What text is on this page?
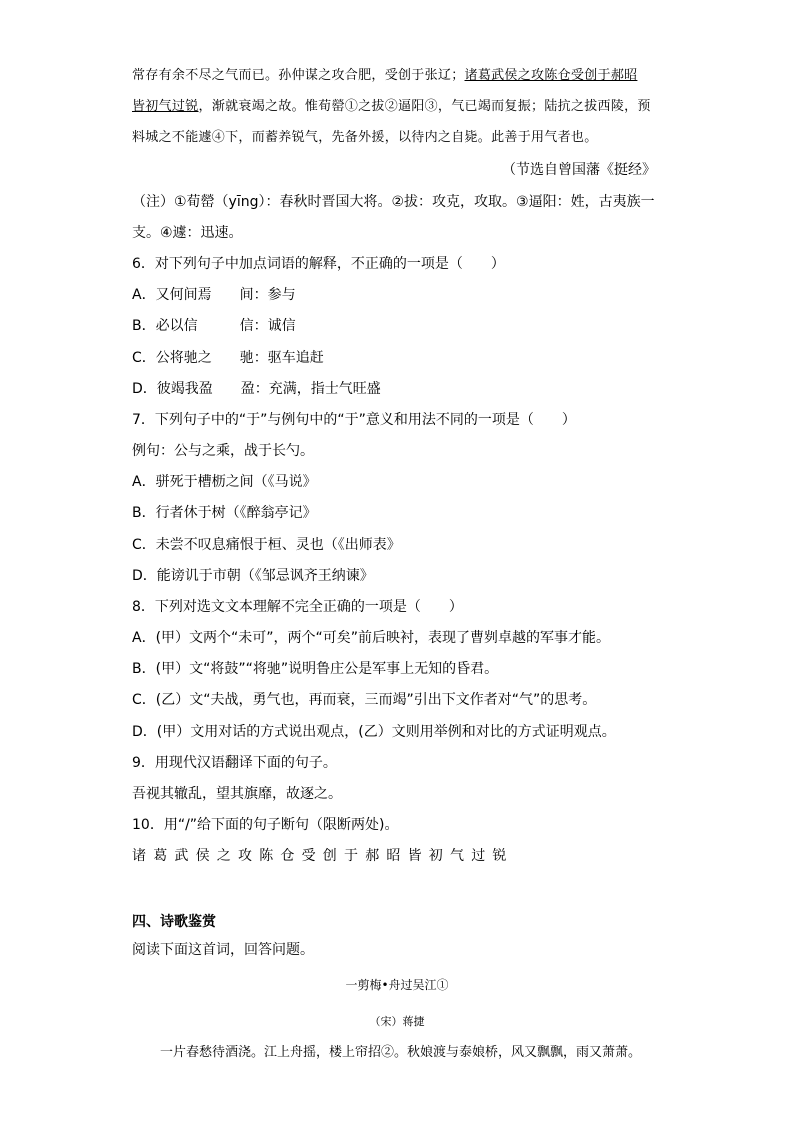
常存有余不尽之气而已。孙仲谋之攻合肥，受创于张辽；诸葛武侯之攻陈仓受创于郝昭
皆初气过锐，渐就衰竭之故。惟荀罃①之拔②逼阳③，气已竭而复振；陆抗之拔西陵，预
料城之不能遽④下，而蓄养锐气，先备外援，以待内之自毙。此善于用气者也。
（节选自曾国藩《挺经》
（注）①荀罃（yīng）：春秋时晋国大将。②拔：攻克，攻取。③逼阳：姓，古夷族一
支。④遽：迅速。
6．对下列句子中加点词语的解释，不正确的一项是（　　）
A．又何间焉　　间：参与
B．必以信　　　信：诚信
C．公将驰之　　驰：驱车追赶
D．彼竭我盈　　盈：充满，指士气旺盛
7．下列句子中的“于”与例句中的“于”意义和用法不同的一项是（　　）
例句：公与之乘，战于长勺。
A．骈死于槽枥之间（《马说》
B．行者休于树（《醉翁亭记》
C．未尝不叹息痛恨于桓、灵也（《出师表》
D．能谤讥于市朝（《邹忌讽齐王纳谏》
8．下列对选文文本理解不完全正确的一项是（　　）
A．(甲）文两个“未可”，两个“可矣”前后映衬，表现了曹刿卓越的军事才能。
B．(甲）文“将鼓”“将驰”说明鲁庄公是军事上无知的昏君。
C．(乙）文“夫战，勇气也，再而衰，三而竭”引出下文作者对“气”的思考。
D．(甲）文用对话的方式说出观点，(乙）文则用举例和对比的方式证明观点。
9．用现代汉语翻译下面的句子。
吾视其辙乱，望其旗靡，故逐之。
10．用“/”给下面的句子断句（限断两处)。
诸葛武侯之攻陈仓受创于郝昭皆初气过锐
四、诗歌鉴赏
阅读下面这首词，回答问题。
一剪梅•舟过吴江①
（宋）蒋捷
一片春愁待酒浇。江上舟摇，楼上帘招②。秋娘渡与泰娘桥，风又飘飘，雨又萧萧。
